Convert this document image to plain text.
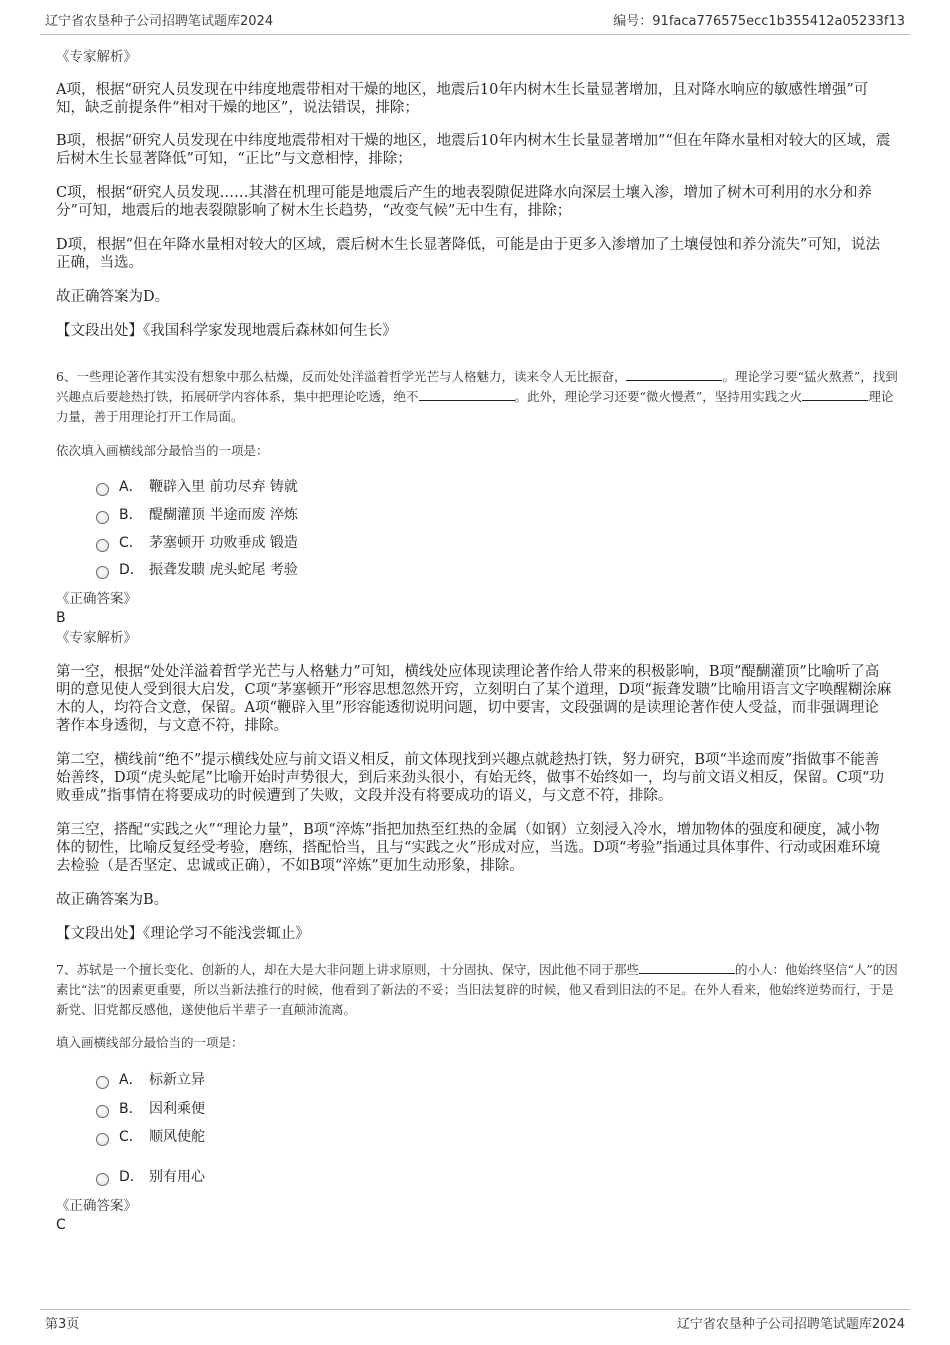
辽宁省农垦种子公司招聘笔试题库2024	编号：91faca776575ecc1b355412a05233f13
《专家解析》

A项，根据“研究人员发现在中纬度地震带相对干燥的地区，地震后10年内树木生长量显著增加，且对降水响应的敏感性增强”可知，缺乏前提条件“相对干燥的地区”，说法错误，排除；

B项，根据“研究人员发现在中纬度地震带相对干燥的地区，地震后10年内树木生长量显著增加”“但在年降水量相对较大的区域，震后树木生长显著降低”可知，“正比”与文意相悖，排除；

C项，根据“研究人员发现……其潜在机理可能是地震后产生的地表裂隙促进降水向深层土壤入渗，增加了树木可利用的水分和养分”可知，地震后的地表裂隙影响了树木生长趋势，“改变气候”无中生有，排除；

D项，根据“但在年降水量相对较大的区域，震后树木生长显著降低，可能是由于更多入渗增加了土壤侵蚀和养分流失”可知，说法正确，当选。

故正确答案为D。

【文段出处】《我国科学家发现地震后森林如何生长》

6、一些理论著作其实没有想象中那么枯燥，反而处处洋溢着哲学光芒与人格魅力，读来令人无比振奋，	。理论学习要“猛火熬煮”，找到兴趣点后要趁热打铁，拓展研学内容体系，集中把理论吃透，绝不	。此外，理论学习还要“微火慢煮”，坚持用实践之火	理论力量，善于用理论打开工作局面。

依次填入画横线部分最恰当的一项是：

A． 鞭辟入里 前功尽弃 铸就
B． 醍醐灌顶 半途而废 淬炼
C． 茅塞顿开 功败垂成 锻造
D． 振聋发聩 虎头蛇尾 考验
《正确答案》
B
《专家解析》

第一空，根据“处处洋溢着哲学光芒与人格魅力”可知，横线处应体现读理论著作给人带来的积极影响，B项“醍醐灌顶”比喻听了高明的意见使人受到很大启发，C项“茅塞顿开”形容思想忽然开窍，立刻明白了某个道理，D项“振聋发聩”比喻用语言文字唤醒糊涂麻木的人，均符合文意，保留。A项“鞭辟入里”形容能透彻说明问题，切中要害，文段强调的是读理论著作使人受益，而非强调理论著作本身透彻，与文意不符，排除。

第二空，横线前“绝不”提示横线处应与前文语义相反，前文体现找到兴趣点就趁热打铁，努力研究，B项“半途而废”指做事不能善始善终，D项“虎头蛇尾”比喻开始时声势很大，到后来劲头很小，有始无终，做事不始终如一，均与前文语义相反，保留。C项“功败垂成”指事情在将要成功的时候遭到了失败，文段并没有将要成功的语义，与文意不符，排除。

第三空，搭配“实践之火”“理论力量”，B项“淬炼”指把加热至红热的金属（如钢）立刻浸入冷水，增加物体的强度和硬度，减小物体的韧性，比喻反复经受考验，磨练，搭配恰当，且与“实践之火”形成对应，当选。D项“考验”指通过具体事件、行动或困难环境去检验（是否坚定、忠诚或正确），不如B项“淬炼”更加生动形象，排除。

故正确答案为B。

【文段出处】《理论学习不能浅尝辄止》

7、苏轼是一个擅长变化、创新的人，却在大是大非问题上讲求原则，十分固执、保守，因此他不同于那些	的小人：他始终坚信“人”的因素比“法”的因素更重要，所以当新法推行的时候，他看到了新法的不妥；当旧法复辟的时候，他又看到旧法的不足。在外人看来，他始终逆势而行，于是新党、旧党都反感他，遂使他后半辈子一直颠沛流离。

填入画横线部分最恰当的一项是：

A． 标新立异
B． 因利乘便
C． 顺风使舵
D． 别有用心
《正确答案》
C
第3页	辽宁省农垦种子公司招聘笔试题库2024
